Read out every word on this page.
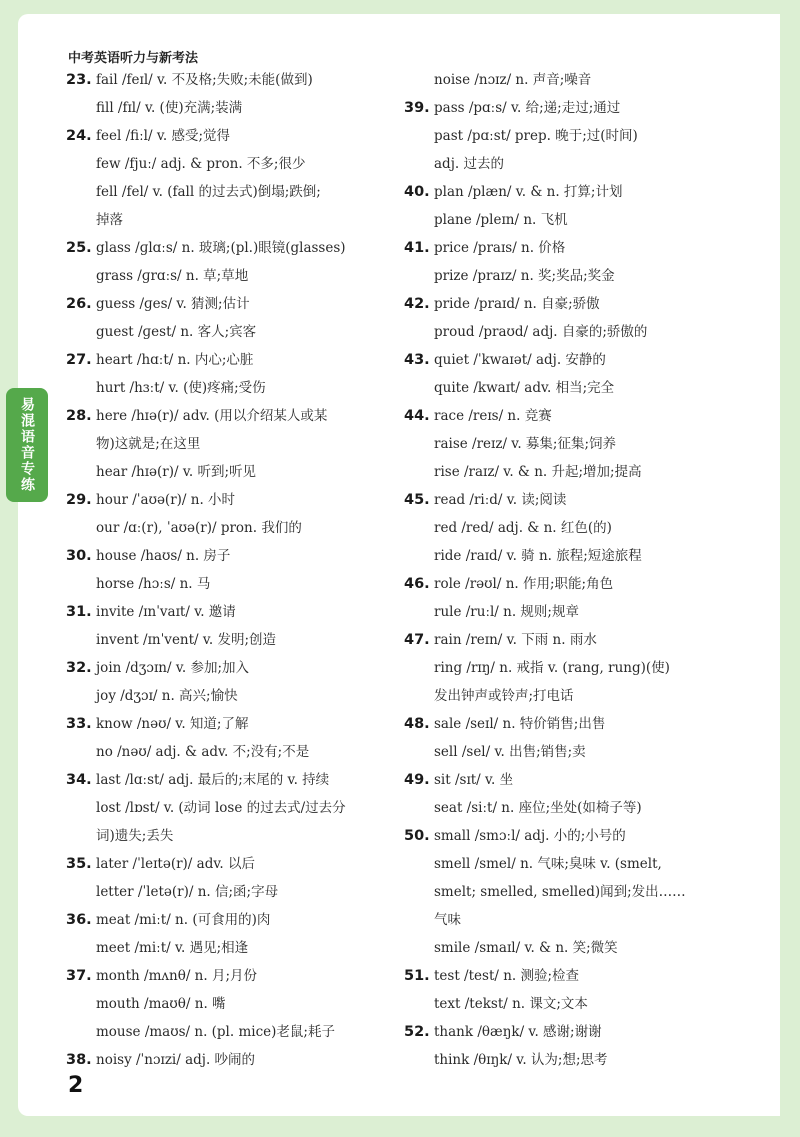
中考英语听力与新考法
易混语音专练
23. fail /feɪl/ v. 不及格;失败;未能(做到)
fill /fɪl/ v. (使)充满;装满
24. feel /fiːl/ v. 感受;觉得
few /fjuː/ adj. & pron. 不多;很少
fell /fel/ v. (fall 的过去式)倒塌;跌倒;
掉落
25. glass /ɡlɑːs/ n. 玻璃;(pl.)眼镜(glasses)
grass /ɡrɑːs/ n. 草;草地
26. guess /ɡes/ v. 猜测;估计
guest /ɡest/ n. 客人;宾客
27. heart /hɑːt/ n. 内心;心脏
hurt /hɜːt/ v. (使)疼痛;受伤
28. here /hɪə(r)/ adv. (用以介绍某人或某
物)这就是;在这里
hear /hɪə(r)/ v. 听到;听见
29. hour /ˈaʊə(r)/ n. 小时
our /ɑː(r), ˈaʊə(r)/ pron. 我们的
30. house /haʊs/ n. 房子
horse /hɔːs/ n. 马
31. invite /ɪnˈvaɪt/ v. 邀请
invent /ɪnˈvent/ v. 发明;创造
32. join /dʒɔɪn/ v. 参加;加入
joy /dʒɔɪ/ n. 高兴;愉快
33. know /nəʊ/ v. 知道;了解
no /nəʊ/ adj. & adv. 不;没有;不是
34. last /lɑːst/ adj. 最后的;末尾的 v. 持续
lost /lɒst/ v. (动词 lose 的过去式/过去分
词)遗失;丢失
35. later /ˈleɪtə(r)/ adv. 以后
letter /ˈletə(r)/ n. 信;函;字母
36. meat /miːt/ n. (可食用的)肉
meet /miːt/ v. 遇见;相逢
37. month /mʌnθ/ n. 月;月份
mouth /maʊθ/ n. 嘴
mouse /maʊs/ n. (pl. mice)老鼠;耗子
38. noisy /ˈnɔɪzi/ adj. 吵闹的
noise /nɔɪz/ n. 声音;噪音
39. pass /pɑːs/ v. 给;递;走过;通过
past /pɑːst/ prep. 晚于;过(时间)
adj. 过去的
40. plan /plæn/ v. & n. 打算;计划
plane /pleɪn/ n. 飞机
41. price /praɪs/ n. 价格
prize /praɪz/ n. 奖;奖品;奖金
42. pride /praɪd/ n. 自豪;骄傲
proud /praʊd/ adj. 自豪的;骄傲的
43. quiet /ˈkwaɪət/ adj. 安静的
quite /kwaɪt/ adv. 相当;完全
44. race /reɪs/ n. 竞赛
raise /reɪz/ v. 募集;征集;饲养
rise /raɪz/ v. & n. 升起;增加;提高
45. read /riːd/ v. 读;阅读
red /red/ adj. & n. 红色(的)
ride /raɪd/ v. 骑 n. 旅程;短途旅程
46. role /rəʊl/ n. 作用;职能;角色
rule /ruːl/ n. 规则;规章
47. rain /reɪn/ v. 下雨 n. 雨水
ring /rɪŋ/ n. 戒指 v. (rang, rung)(使)
发出钟声或铃声;打电话
48. sale /seɪl/ n. 特价销售;出售
sell /sel/ v. 出售;销售;卖
49. sit /sɪt/ v. 坐
seat /siːt/ n. 座位;坐处(如椅子等)
50. small /smɔːl/ adj. 小的;小号的
smell /smel/ n. 气味;臭味 v. (smelt,
smelt; smelled, smelled)闻到;发出……
气味
smile /smaɪl/ v. & n. 笑;微笑
51. test /test/ n. 测验;检查
text /tekst/ n. 课文;文本
52. thank /θæŋk/ v. 感谢;谢谢
think /θɪŋk/ v. 认为;想;思考
2
